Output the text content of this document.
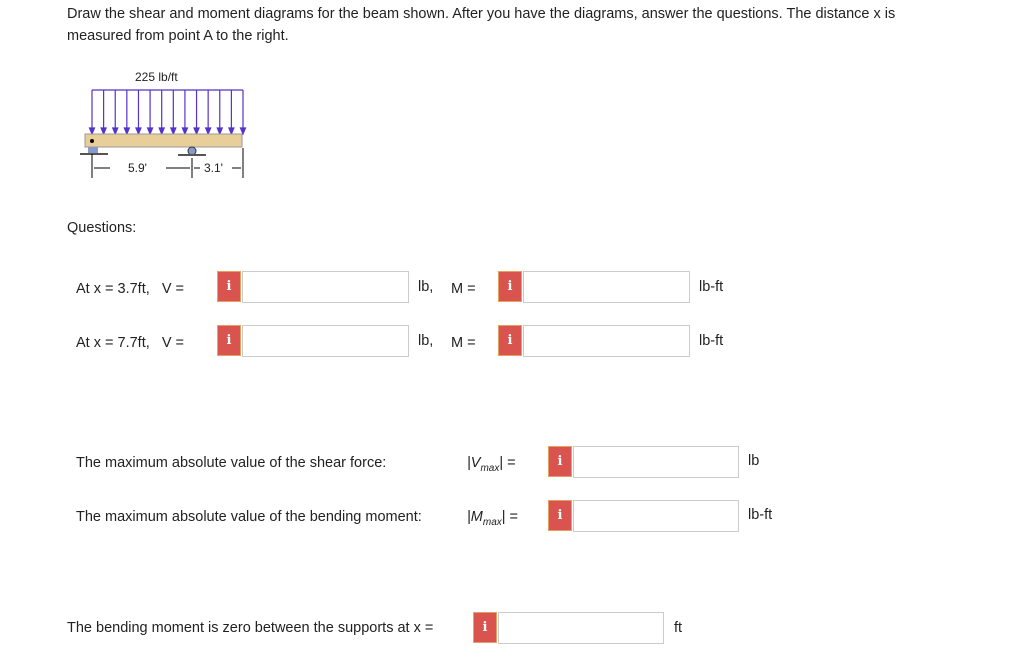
Draw the shear and moment diagrams for the beam shown. After you have the diagrams, answer the questions. The distance x is
measured from point A to the right.
225 lb/ft
5.9'	3.1'
Questions:
At x = 3.7ft,   V =	i	lb, M =	i	lb-ft
At x = 7.7ft,   V =	i	lb, M =	i	lb-ft
The maximum absolute value of the shear force:	$|V_{max}|$ =	i	lb
The maximum absolute value of the bending moment:	$|M_{max}|$ =	i	lb-ft
The bending moment is zero between the supports at x =	i	ft
